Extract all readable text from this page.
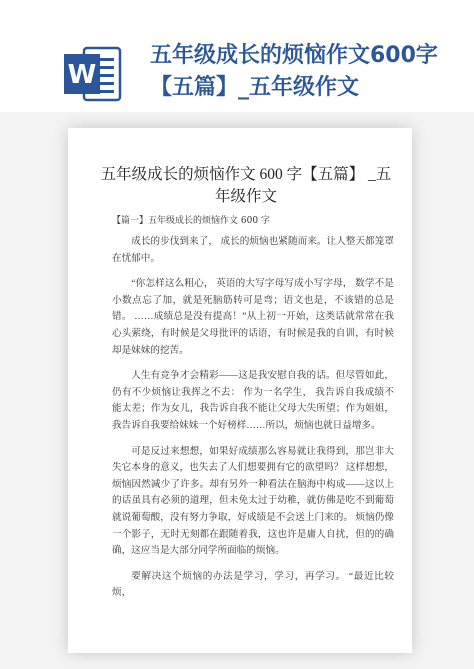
W
五年级成长的烦恼作文600字【五篇】_五年级作文
五年级成长的烦恼作文 600 字【五篇】 _五年级作文
【篇一】五年级成长的烦恼作文 600 字

成长的步伐到来了， 成长的烦恼也紧随而来。让人整天都笼罩在忧郁中。

“你怎样这么粗心， 英语的大写字母写成小写字母， 数学不是小数点忘了加，就是死脑筋转可是弯；语文也是，不该错的总是错。 ……成绩总是没有提高！”从上初一开始，这类话就常常在我心头萦绕，有时候是父母批评的话语，有时候是我的自训，有时候却是妹妹的挖苦。

人生有竞争才会精彩——这是我安慰自我的话。但尽管如此，仍有不少烦恼让我挥之不去： 作为一名学生， 我告诉自我成绩不能太差；作为女儿，我告诉自我不能让父母大失所望；作为姐姐，我告诉自我要给妹妹一个好榜样……所以，烦恼也就日益增多。

可是反过来想想，如果好成绩那么容易就让我得到，那岂非大失它本身的意义，也失去了人们想要拥有它的欲望吗？ 这样想想，烦恼因然减少了许多。却有另外一种看法在脑海中构成——这以上的话虽具有必须的道理，但未免太过于幼稚，就仿佛是吃不到葡萄就说葡萄酸，没有努力争取，好成绩是不会送上门来的。 烦恼仍像一个影子，无时无刻都在跟随着我，这也许是庸人自扰，但的的确确，这应当是大部分同学所面临的烦恼。

要解决这个烦恼的办法是学习，学习，再学习。 “最近比较烦，
